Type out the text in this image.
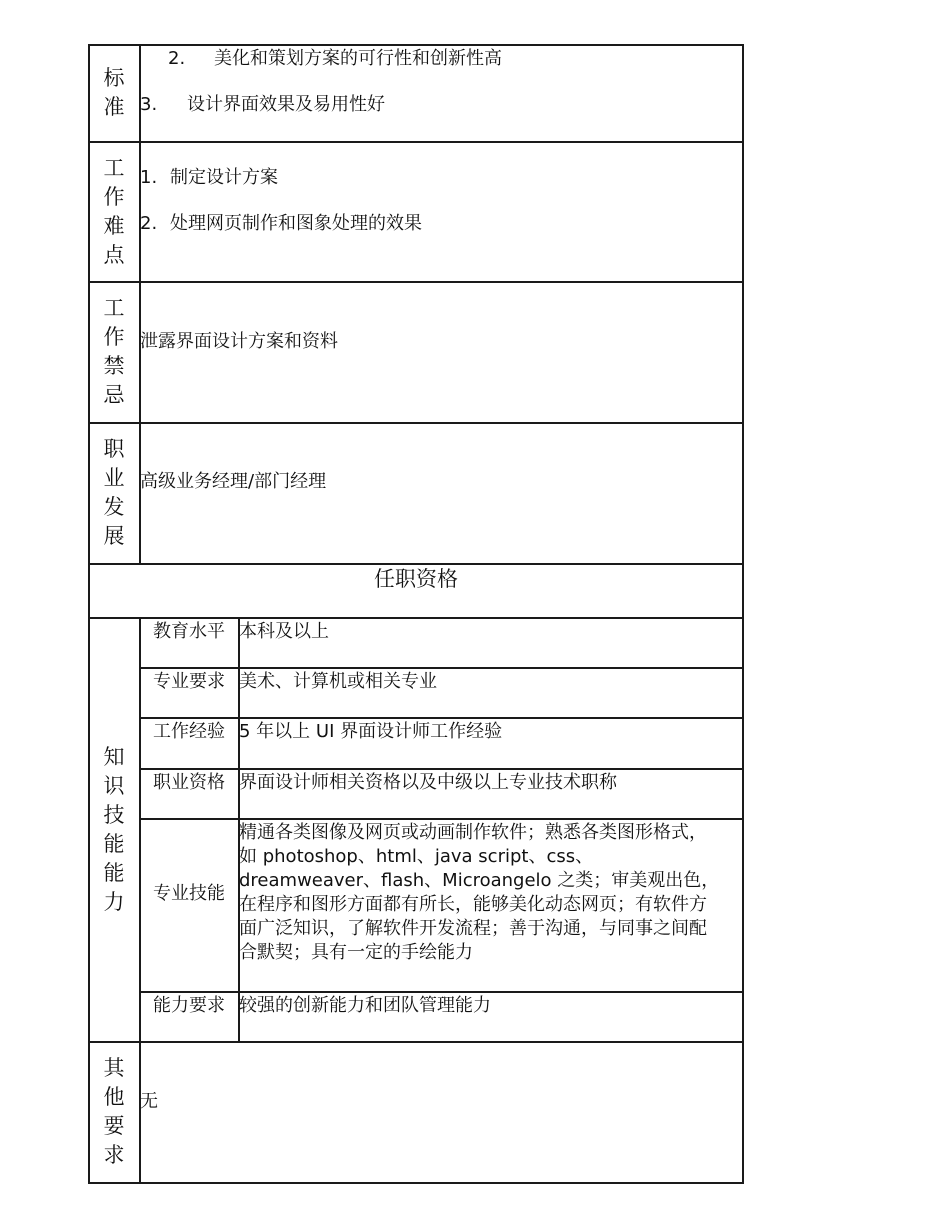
标
准
2. 美化和策划方案的可行性和创新性高
3. 设计界面效果及易用性好
工
作
难
点
1. 制定设计方案
2. 处理网页制作和图象处理的效果
工
作
禁
忌
泄露界面设计方案和资料
职
业
发
展
高级业务经理/部门经理
任职资格
知
识
技
能
能
力
教育水平 本科及以上
专业要求 美术、计算机或相关专业
工作经验 5 年以上 UI 界面设计师工作经验
职业资格 界面设计师相关资格以及中级以上专业技术职称
专业技能
精通各类图像及网页或动画制作软件；熟悉各类图形格式，
如 photoshop、html、java script、css、
dreamweaver、flash、Microangelo 之类；审美观出色，
在程序和图形方面都有所长，能够美化动态网页；有软件方
面广泛知识，了解软件开发流程；善于沟通，与同事之间配
合默契；具有一定的手绘能力
能力要求 较强的创新能力和团队管理能力
其
他
要
求
无
